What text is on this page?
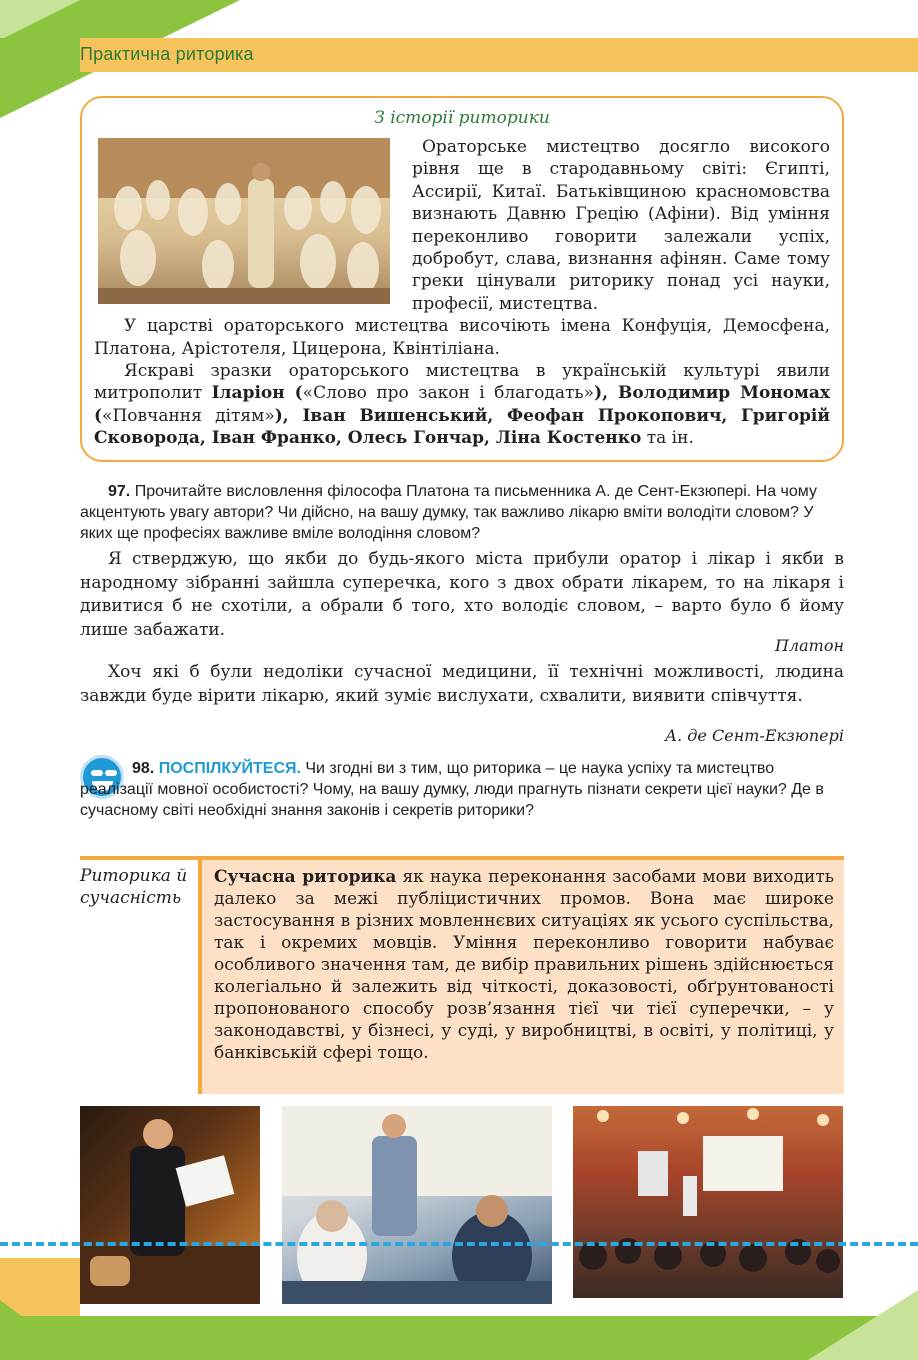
Практична риторика
З історії риторики

Ораторське мистецтво досягло високого рівня ще в стародавньому світі: Єгипті, Ассирії, Китаї. Батьківщиною красномовства визнають Давню Грецію (Афіни). Від уміння переконливо говорити залежали успіх, добробут, слава, визнання афінян. Саме тому греки цінували риторику понад усі науки, професії, мистецтва.

У царстві ораторського мистецтва височіють імена Конфуція, Демосфена, Платона, Арістотеля, Цицерона, Квінтіліана.

Яскраві зразки ораторського мистецтва в українській культурі явили митрополит Іларіон («Слово про закон і благодать»), Володимир Мономах («Повчання дітям»), Іван Вишенський, Феофан Прокопович, Григорій Сковорода, Іван Франко, Олесь Гончар, Ліна Костенко та ін.

97. Прочитайте висловлення філософа Платона та письменника А. де Сент-Екзюпері. На чому акцентують увагу автори? Чи дійсно, на вашу думку, так важливо лікарю вміти володіти словом? У яких ще професіях важливе вміле володіння словом?

Я стверджую, що якби до будь-якого міста прибули оратор і лікар і якби в народному зібранні зайшла суперечка, кого з двох обрати лікарем, то на лікаря і дивитися б не схотіли, а обрали б того, хто володіє словом, – варто було б йому лише забажати.

Платон

Хоч які б були недоліки сучасної медицини, її технічні можливості, людина завжди буде вірити лікарю, який зуміє вислухати, схвалити, виявити співчуття.

А. де Сент-Екзюпері
98. ПОСПІЛКУЙТЕСЯ. Чи згодні ви з тим, що риторика – це наука успіху та мистецтво реалізації мовної особистості? Чому, на вашу думку, люди прагнуть пізнати секрети цієї науки? Де в сучасному світі необхідні знання законів і секретів риторики?
Риторика й сучасність

Сучасна риторика як наука переконання засобами мови виходить далеко за межі публіцистичних промов. Вона має широке застосування в різних мовленнєвих ситуаціях як усього суспільства, так і окремих мовців. Уміння переконливо говорити набуває особливого значення там, де вибір правильних рішень здійснюється колегіально й залежить від чіткості, доказовості, обґрунтованості пропонованого способу розв’язання тієї чи тієї суперечки, – у законодавстві, у бізнесі, у суді, у виробництві, в освіті, у політиці, у банківській сфері тощо.
